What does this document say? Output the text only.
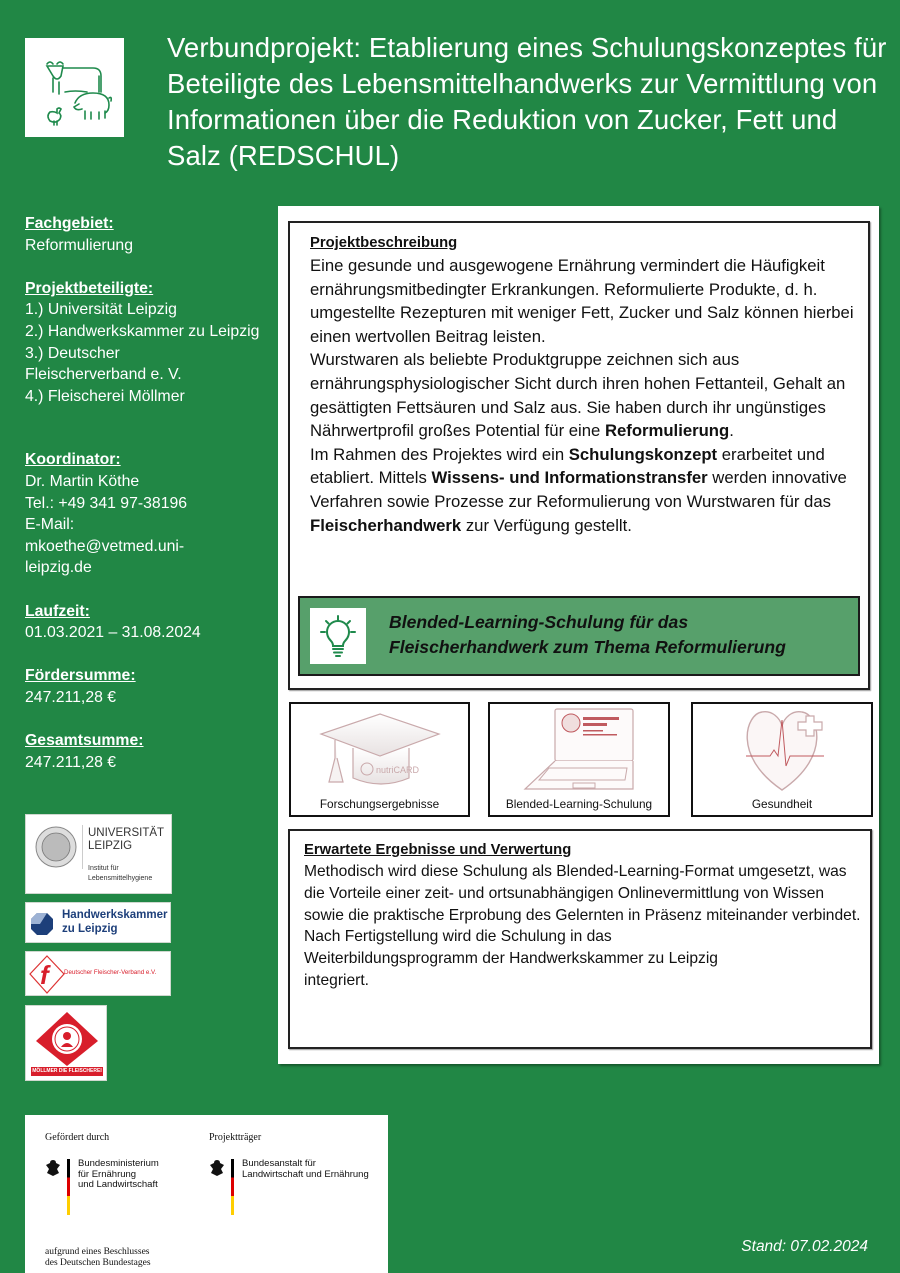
Verbundprojekt: Etablierung eines Schulungskonzeptes für Beteiligte des Lebensmittelhandwerks zur Vermittlung von Informationen über die Reduktion von Zucker, Fett und Salz (REDSCHUL)
Fachgebiet:
Reformulierung
Projektbeteiligte:
1.) Universität Leipzig
2.) Handwerkskammer zu Leipzig
3.) Deutscher Fleischerverband e. V.
4.) Fleischerei Möllmer
Koordinator:
Dr. Martin Köthe
Tel.: +49 341 97-38196
E-Mail:
mkoethe@vetmed.uni-leipzig.de
Laufzeit:
01.03.2021 – 31.08.2024
Fördersumme:
247.211,28 €
Gesamtsumme:
247.211,28 €
UNIVERSITÄT
LEIPZIG
Institut für
Lebensmittelhygiene
Handwerkskammer
zu Leipzig
f	Deutscher Fleischer-Verband e.V.
MÖLLMER DIE FLEISCHEREI
Projektbeschreibung
Eine gesunde und ausgewogene Ernährung vermindert die Häufigkeit ernährungsmitbedingter Erkrankungen. Reformulierte Produkte, d. h. umgestellte Rezepturen mit weniger Fett, Zucker und Salz können hierbei einen wertvollen Beitrag leisten.
Wurstwaren als beliebte Produktgruppe zeichnen sich aus ernährungsphysiologischer Sicht durch ihren hohen Fettanteil, Gehalt an gesättigten Fettsäuren und Salz aus. Sie haben durch ihr ungünstiges Nährwertprofil großes Potential für eine Reformulierung.
Im Rahmen des Projektes wird ein Schulungskonzept erarbeitet und etabliert. Mittels Wissens- und Informationstransfer werden innovative Verfahren sowie Prozesse zur Reformulierung von Wurstwaren für das Fleischerhandwerk zur Verfügung gestellt.
Blended-Learning-Schulung für das
Fleischerhandwerk zum Thema Reformulierung
nutriCARD
Forschungsergebnisse	Blended-Learning-Schulung	Gesundheit
Erwartete Ergebnisse und Verwertung
Methodisch wird diese Schulung als Blended-Learning-Format umgesetzt, was die Vorteile einer zeit- und ortsunabhängigen Onlinevermittlung von Wissen sowie die praktische Erprobung des Gelernten in Präsenz miteinander verbindet.
Nach Fertigstellung wird die Schulung in das Weiterbildungsprogramm der Handwerkskammer zu Leipzig integriert.
Gefördert durch	Projektträger
Bundesministerium
für Ernährung
und Landwirtschaft
Bundesanstalt für
Landwirtschaft und Ernährung
aufgrund eines Beschlusses
des Deutschen Bundestages
Stand: 07.02.2024
